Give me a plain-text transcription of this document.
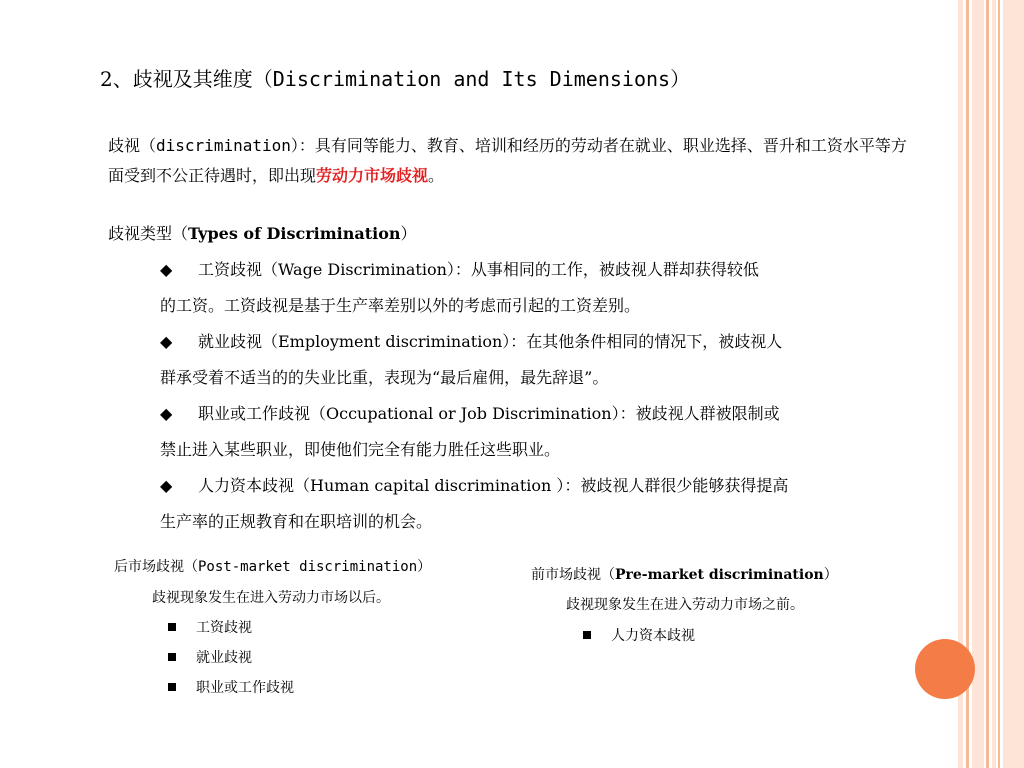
2、歧视及其维度（Discrimination and Its Dimensions）
歧视（discrimination）：具有同等能力、教育、培训和经历的劳动者在就业、职业选择、晋升和工资水平等方面受到不公正待遇时，即出现劳动力市场歧视。
歧视类型（Types of Discrimination）
◆ 工资歧视（Wage Discrimination）：从事相同的工作，被歧视人群却获得较低
的工资。工资歧视是基于生产率差别以外的考虑而引起的工资差别。
◆ 就业歧视（Employment discrimination）：在其他条件相同的情况下，被歧视人
群承受着不适当的的失业比重，表现为“最后雇佣，最先辞退”。
◆ 职业或工作歧视（Occupational or Job Discrimination）：被歧视人群被限制或
禁止进入某些职业，即使他们完全有能力胜任这些职业。
◆ 人力资本歧视（Human capital discrimination ）：被歧视人群很少能够获得提高
生产率的正规教育和在职培训的机会。
后市场歧视（Post-market discrimination）
歧视现象发生在进入劳动力市场以后。
工资歧视
就业歧视
职业或工作歧视
前市场歧视（Pre-market discrimination）
歧视现象发生在进入劳动力市场之前。
人力资本歧视
